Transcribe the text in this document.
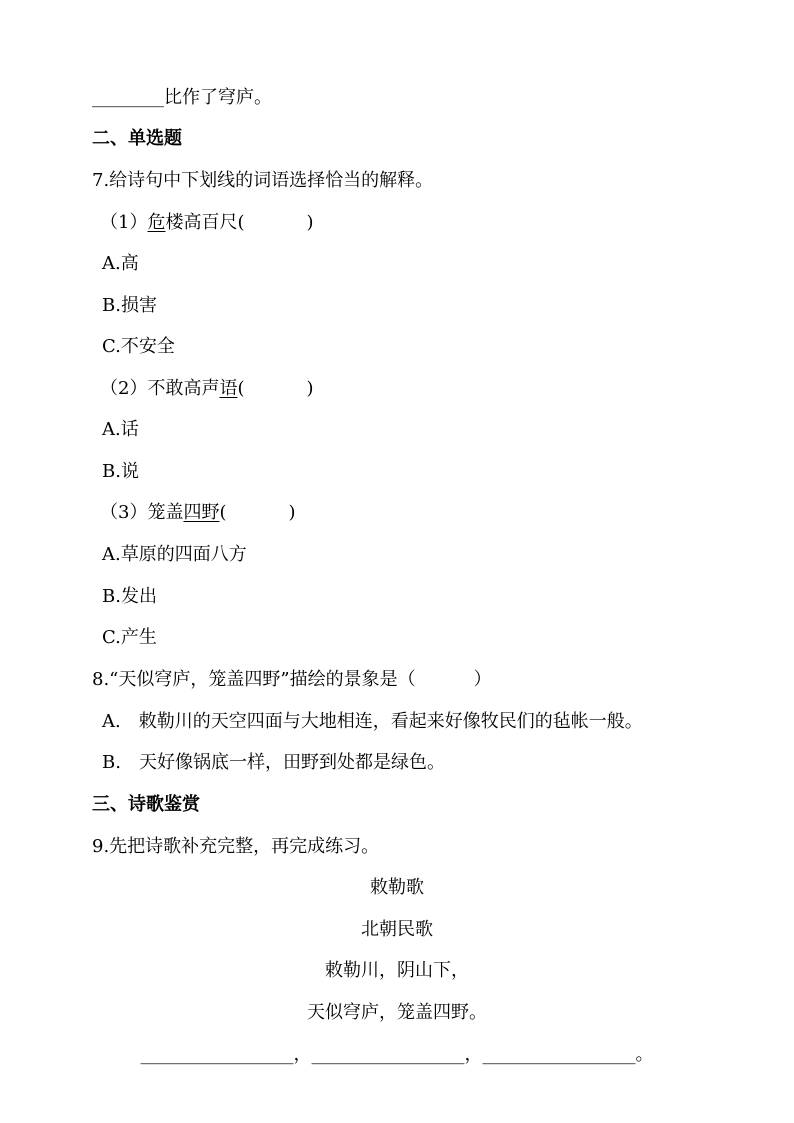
________比作了穹庐。
二、单选题
7.给诗句中下划线的词语选择恰当的解释。
（1）危楼高百尺(	)
A.高
B.损害
C.不安全
（2）不敢高声语(	)
A.话
B.说
（3）笼盖四野(	)
A.草原的四面八方
B.发出
C.产生
8.“天似穹庐，笼盖四野”描绘的景象是（	）
A. 敕勒川的天空四面与大地相连，看起来好像牧民们的毡帐一般。
B. 天好像锅底一样，田野到处都是绿色。
三、诗歌鉴赏
9.先把诗歌补充完整，再完成练习。
敕勒歌
北朝民歌
敕勒川，阴山下，
天似穹庐，笼盖四野。
_________________，_________________，_________________。
